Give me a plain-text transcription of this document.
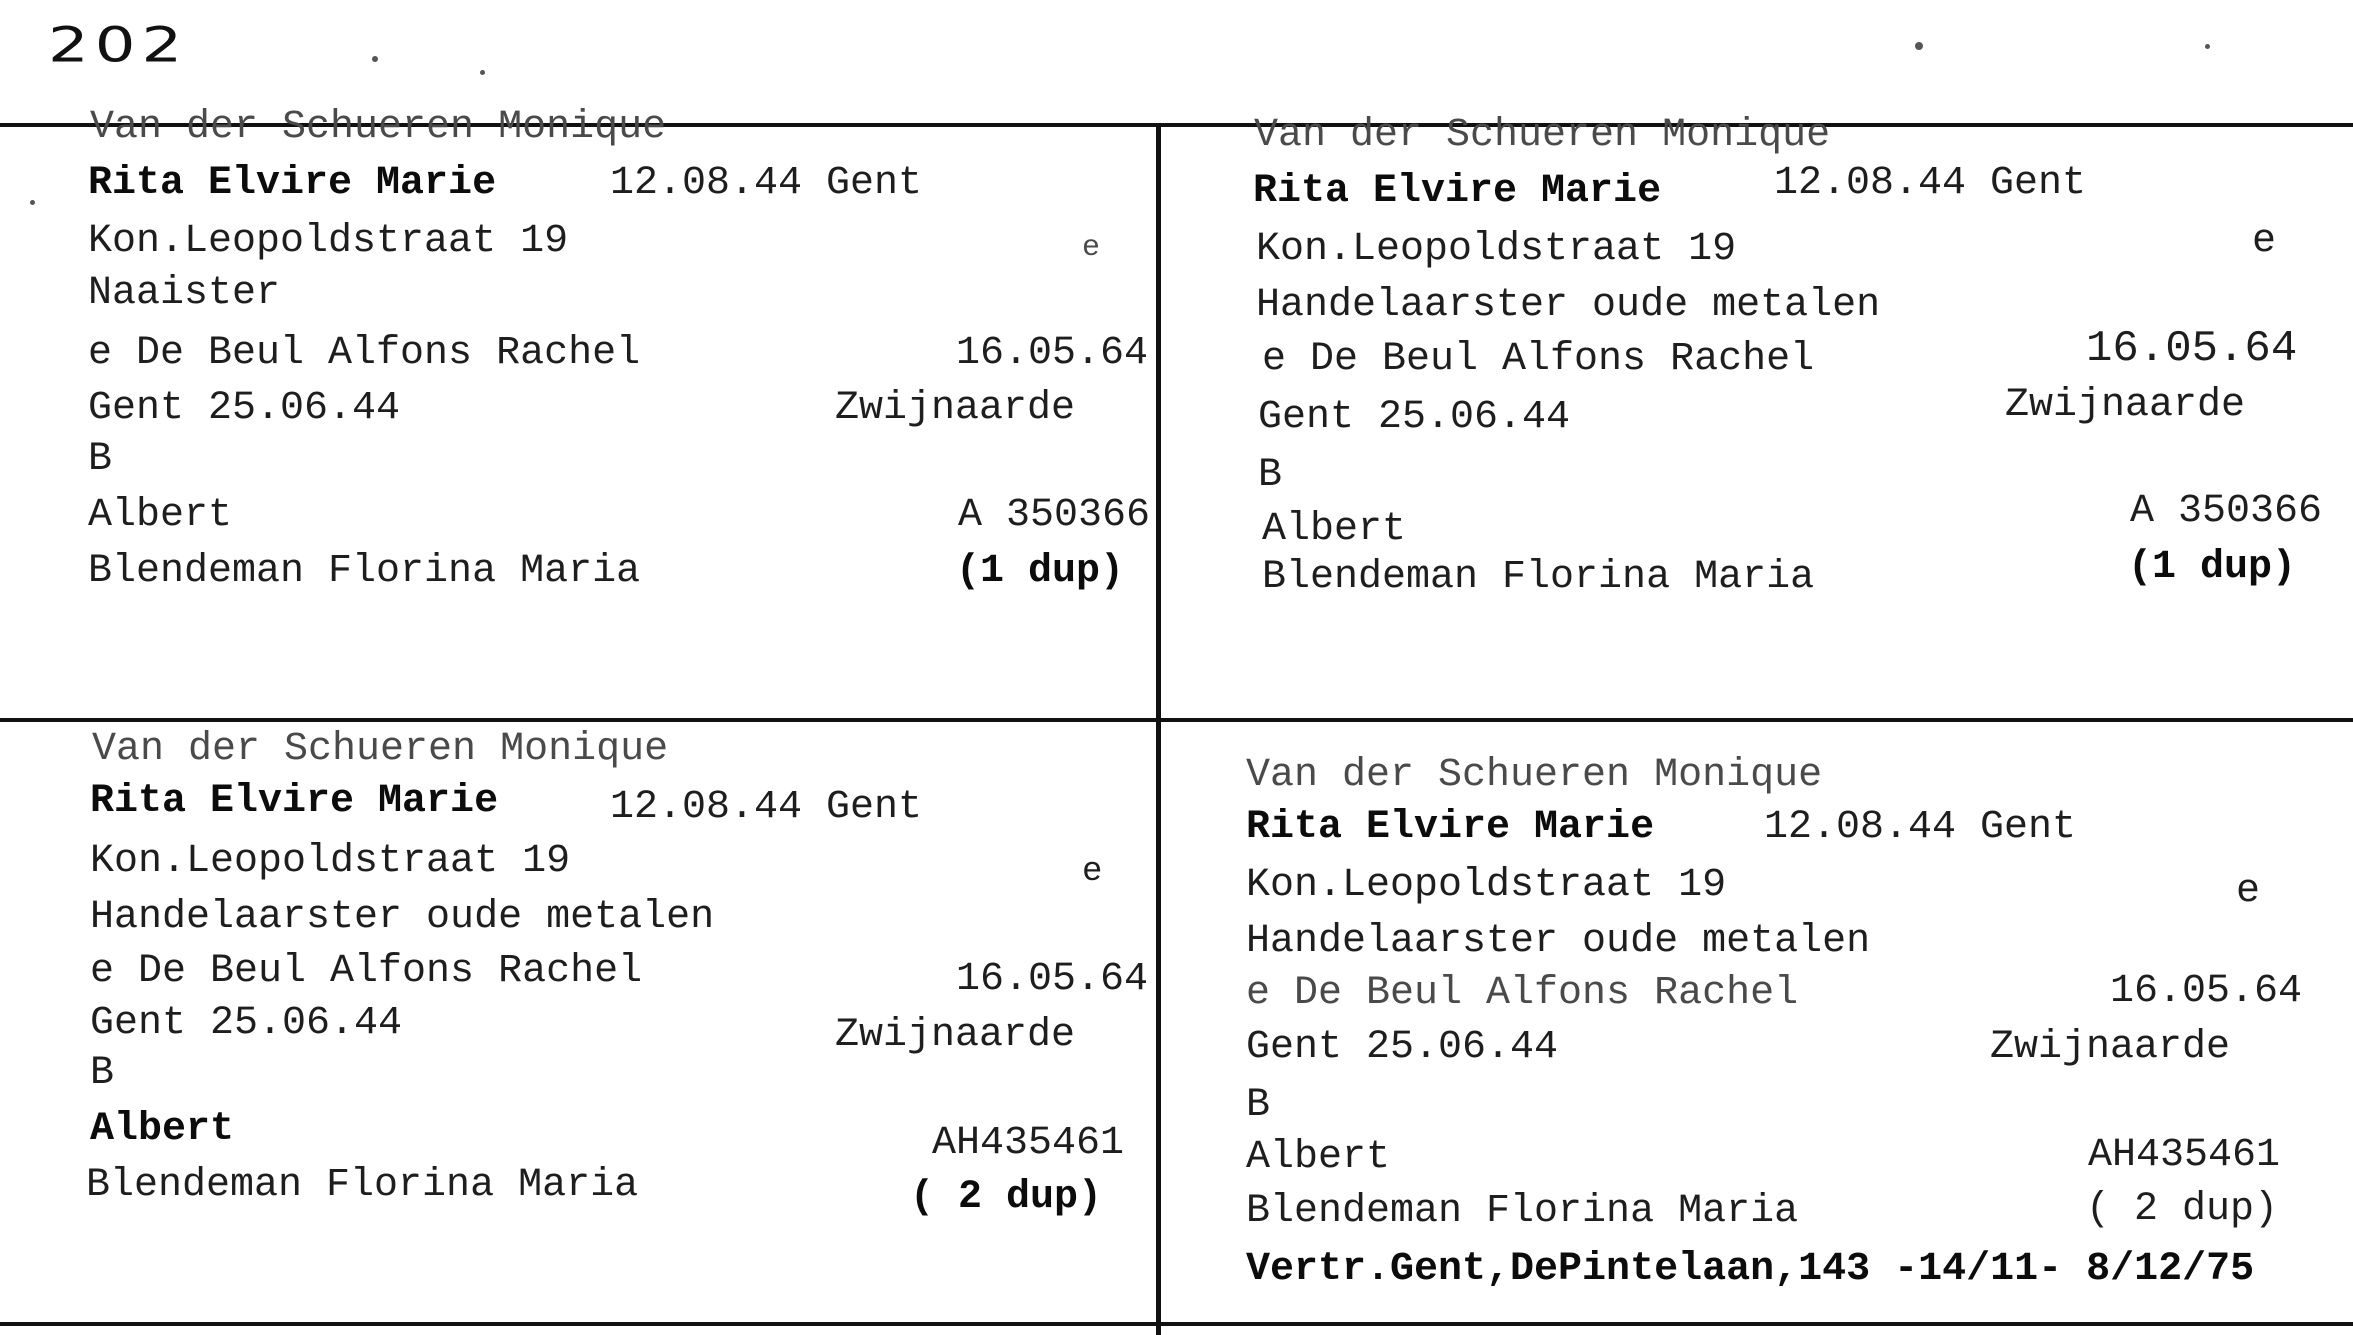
202
Van der Schueren Monique
Rita Elvire Marie	12.08.44 Gent
Kon.Leopoldstraat 19	e
Naaister
e De Beul Alfons Rachel	16.05.64
Gent 25.06.44	Zwijnaarde
B
Albert	A 350366
Blendeman Florina Maria	(1 dup)
Van der Schueren Monique
Rita Elvire Marie	12.08.44 Gent
Kon.Leopoldstraat 19	e
Handelaarster oude metalen
e De Beul Alfons Rachel	16.05.64
Gent 25.06.44	Zwijnaarde
B
Albert	A 350366
Blendeman Florina Maria	(1 dup)
Van der Schueren Monique
Rita Elvire Marie	12.08.44 Gent
Kon.Leopoldstraat 19	e
Handelaarster oude metalen
e De Beul Alfons Rachel	16.05.64
Gent 25.06.44	Zwijnaarde
B
Albert	AH435461
Blendeman Florina Maria	( 2 dup)
Van der Schueren Monique
Rita Elvire Marie	12.08.44 Gent
Kon.Leopoldstraat 19	e
Handelaarster oude metalen
e De Beul Alfons Rachel	16.05.64
Gent 25.06.44	Zwijnaarde
B
Albert	AH435461
Blendeman Florina Maria	( 2 dup)
Vertr.Gent,DePintelaan,143 -14/11- 8/12/75
